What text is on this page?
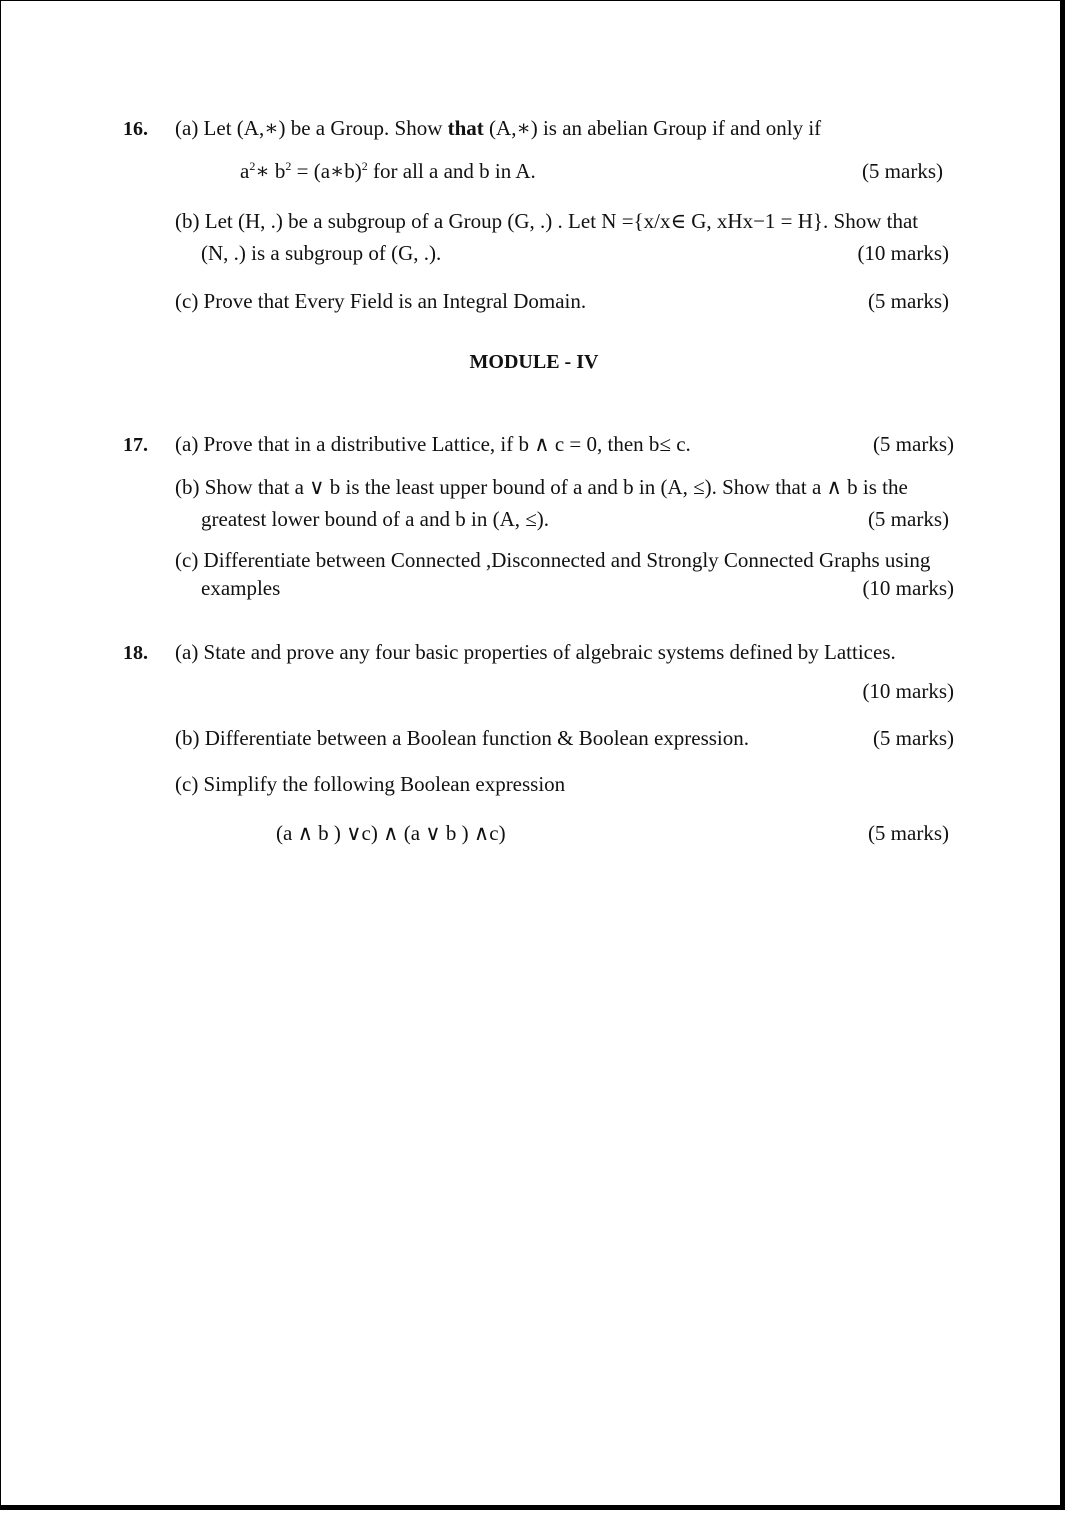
16. (a) Let (A,∗) be a Group. Show that (A,∗) is an abelian Group if and only if
$a^2∗$ $b^2$ = (a∗b)$^2$ for all a and b in A.	(5 marks)
(b) Let (H, .) be a subgroup of a Group (G, .) . Let N ={x/x∈ G, xHx−1 = H}. Show that
(N, .) is a subgroup of (G, .).	(10 marks)
(c) Prove that Every Field is an Integral Domain.	(5 marks)
MODULE - IV
17. (a) Prove that in a distributive Lattice, if b ∧ c = 0, then b≤ c.	(5 marks)
(b) Show that a ∨ b is the least upper bound of a and b in (A, ≤). Show that a ∧ b is the
greatest lower bound of a and b in (A, ≤).	(5 marks)
(c) Differentiate between Connected ,Disconnected and Strongly Connected Graphs using
examples	(10 marks)
18. (a) State and prove any four basic properties of algebraic systems defined by Lattices.
(10 marks)
(b) Differentiate between a Boolean function & Boolean expression.	(5 marks)
(c) Simplify the following Boolean expression
(a ∧ b ) ∨c) ∧ (a ∨ b ) ∧c)	(5 marks)
